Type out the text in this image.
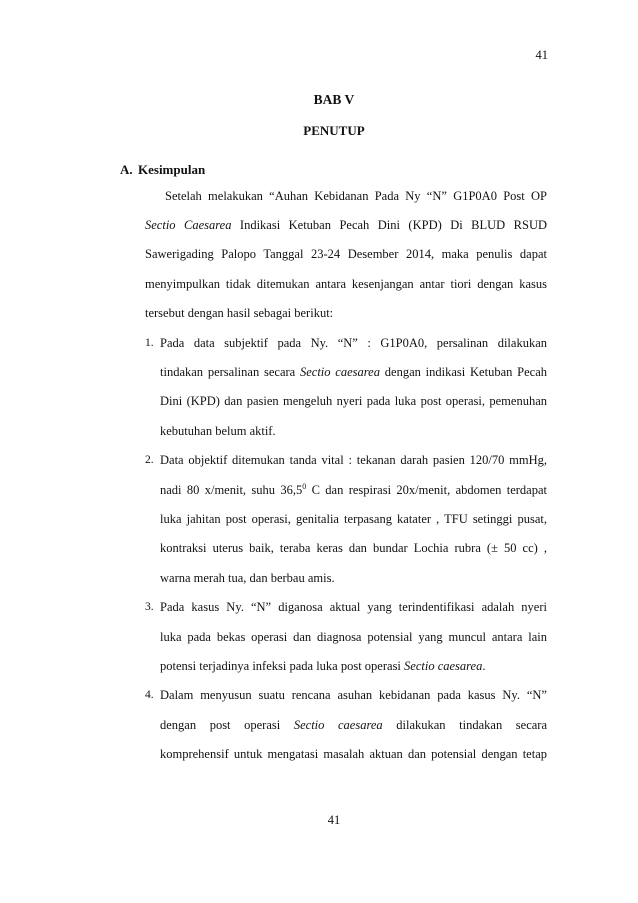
41
BAB V
PENUTUP
A. Kesimpulan
Setelah melakukan “Auhan Kebidanan Pada Ny “N” G1P0A0 Post OP
Sectio Caesarea Indikasi Ketuban Pecah Dini (KPD) Di BLUD RSUD
Sawerigading Palopo Tanggal 23-24 Desember 2014, maka penulis dapat
menyimpulkan tidak ditemukan antara kesenjangan antar tiori dengan kasus
tersebut dengan hasil sebagai berikut:
1. Pada data subjektif pada Ny. “N” : G1P0A0, persalinan dilakukan
tindakan persalinan secara Sectio caesarea dengan indikasi Ketuban Pecah
Dini (KPD) dan pasien mengeluh nyeri pada luka post operasi, pemenuhan
kebutuhan belum aktif.
2. Data objektif ditemukan tanda vital : tekanan darah pasien 120/70 mmHg,
nadi 80 x/menit, suhu 36,5$^0$ C dan respirasi 20x/menit, abdomen terdapat
luka jahitan post operasi, genitalia terpasang katater , TFU setinggi pusat,
kontraksi uterus baik, teraba keras dan bundar Lochia rubra (± 50 cc) ,
warna merah tua, dan berbau amis.
3. Pada kasus Ny. “N” diganosa aktual yang terindentifikasi adalah nyeri
luka pada bekas operasi dan diagnosa potensial yang muncul antara lain
potensi terjadinya infeksi pada luka post operasi Sectio caesarea.
4. Dalam menyusun suatu rencana asuhan kebidanan pada kasus Ny. “N”
dengan post operasi Sectio caesarea dilakukan tindakan secara
komprehensif untuk mengatasi masalah aktuan dan potensial dengan tetap
41
